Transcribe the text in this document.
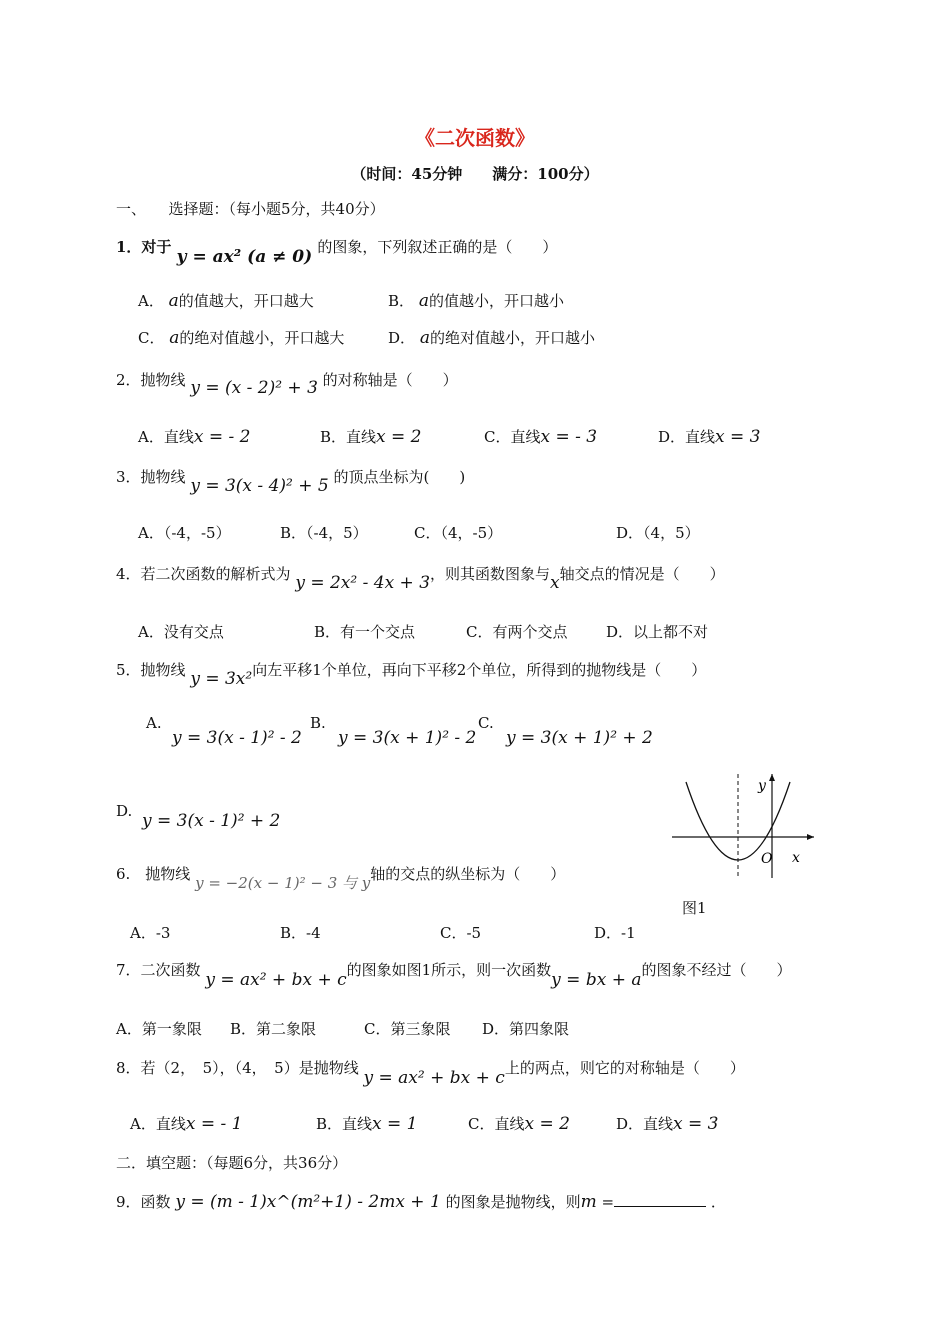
《二次函数》
（时间：45分钟　　满分：100分）
一、　　选择题：（每小题5分，共40分）
1．对于 y = ax² (a ≠ 0) 的图象，下列叙述正确的是（　　）
A． a的值越大，开口越大	B． a的值越小，开口越小
C． a的绝对值越小，开口越大	D． a的绝对值越小，开口越小
2．抛物线 y = (x - 2)² + 3 的对称轴是（　　）
A．直线x = - 2	B．直线x = 2	C．直线x = - 3	D．直线x = 3
3．抛物线 y = 3(x - 4)² + 5 的顶点坐标为(　　)
A．（-4，-5）	B．（-4，5）	C．（4，-5）	D．（4，5）
4．若二次函数的解析式为 y = 2x² - 4x + 3，则其函数图象与x轴交点的情况是（　　）
A．没有交点	B．有一个交点	C．有两个交点	D．以上都不对
5．抛物线 y = 3x²向左平移1个单位，再向下平移2个单位，所得到的抛物线是（　　）
A.
y = 3(x - 1)² - 2
B.
y = 3(x + 1)² - 2
C.
y = 3(x + 1)² + 2
D. y = 3(x - 1)² + 2
y
x
O
图1
6.　抛物线 y = −2(x − 1)² − 3 与 y轴的交点的纵坐标为（　　）
A．-3	B．-4	C．-5	D．-1
7．二次函数 y = ax² + bx + c的图象如图1所示，则一次函数y = bx + a的图象不经过（　　）
A．第一象限 B．第二象限	C．第三象限 D．第四象限
8．若（2，　5），（4，　5）是抛物线 y = ax² + bx + c上的两点，则它的对称轴是（　　）
A．直线x = - 1	B．直线x = 1	C．直线x = 2	D．直线x = 3
二．填空题：（每题6分，共36分）
9．函数 y = (m - 1)x^(m²+1) - 2mx + 1 的图象是抛物线，则m =	．
